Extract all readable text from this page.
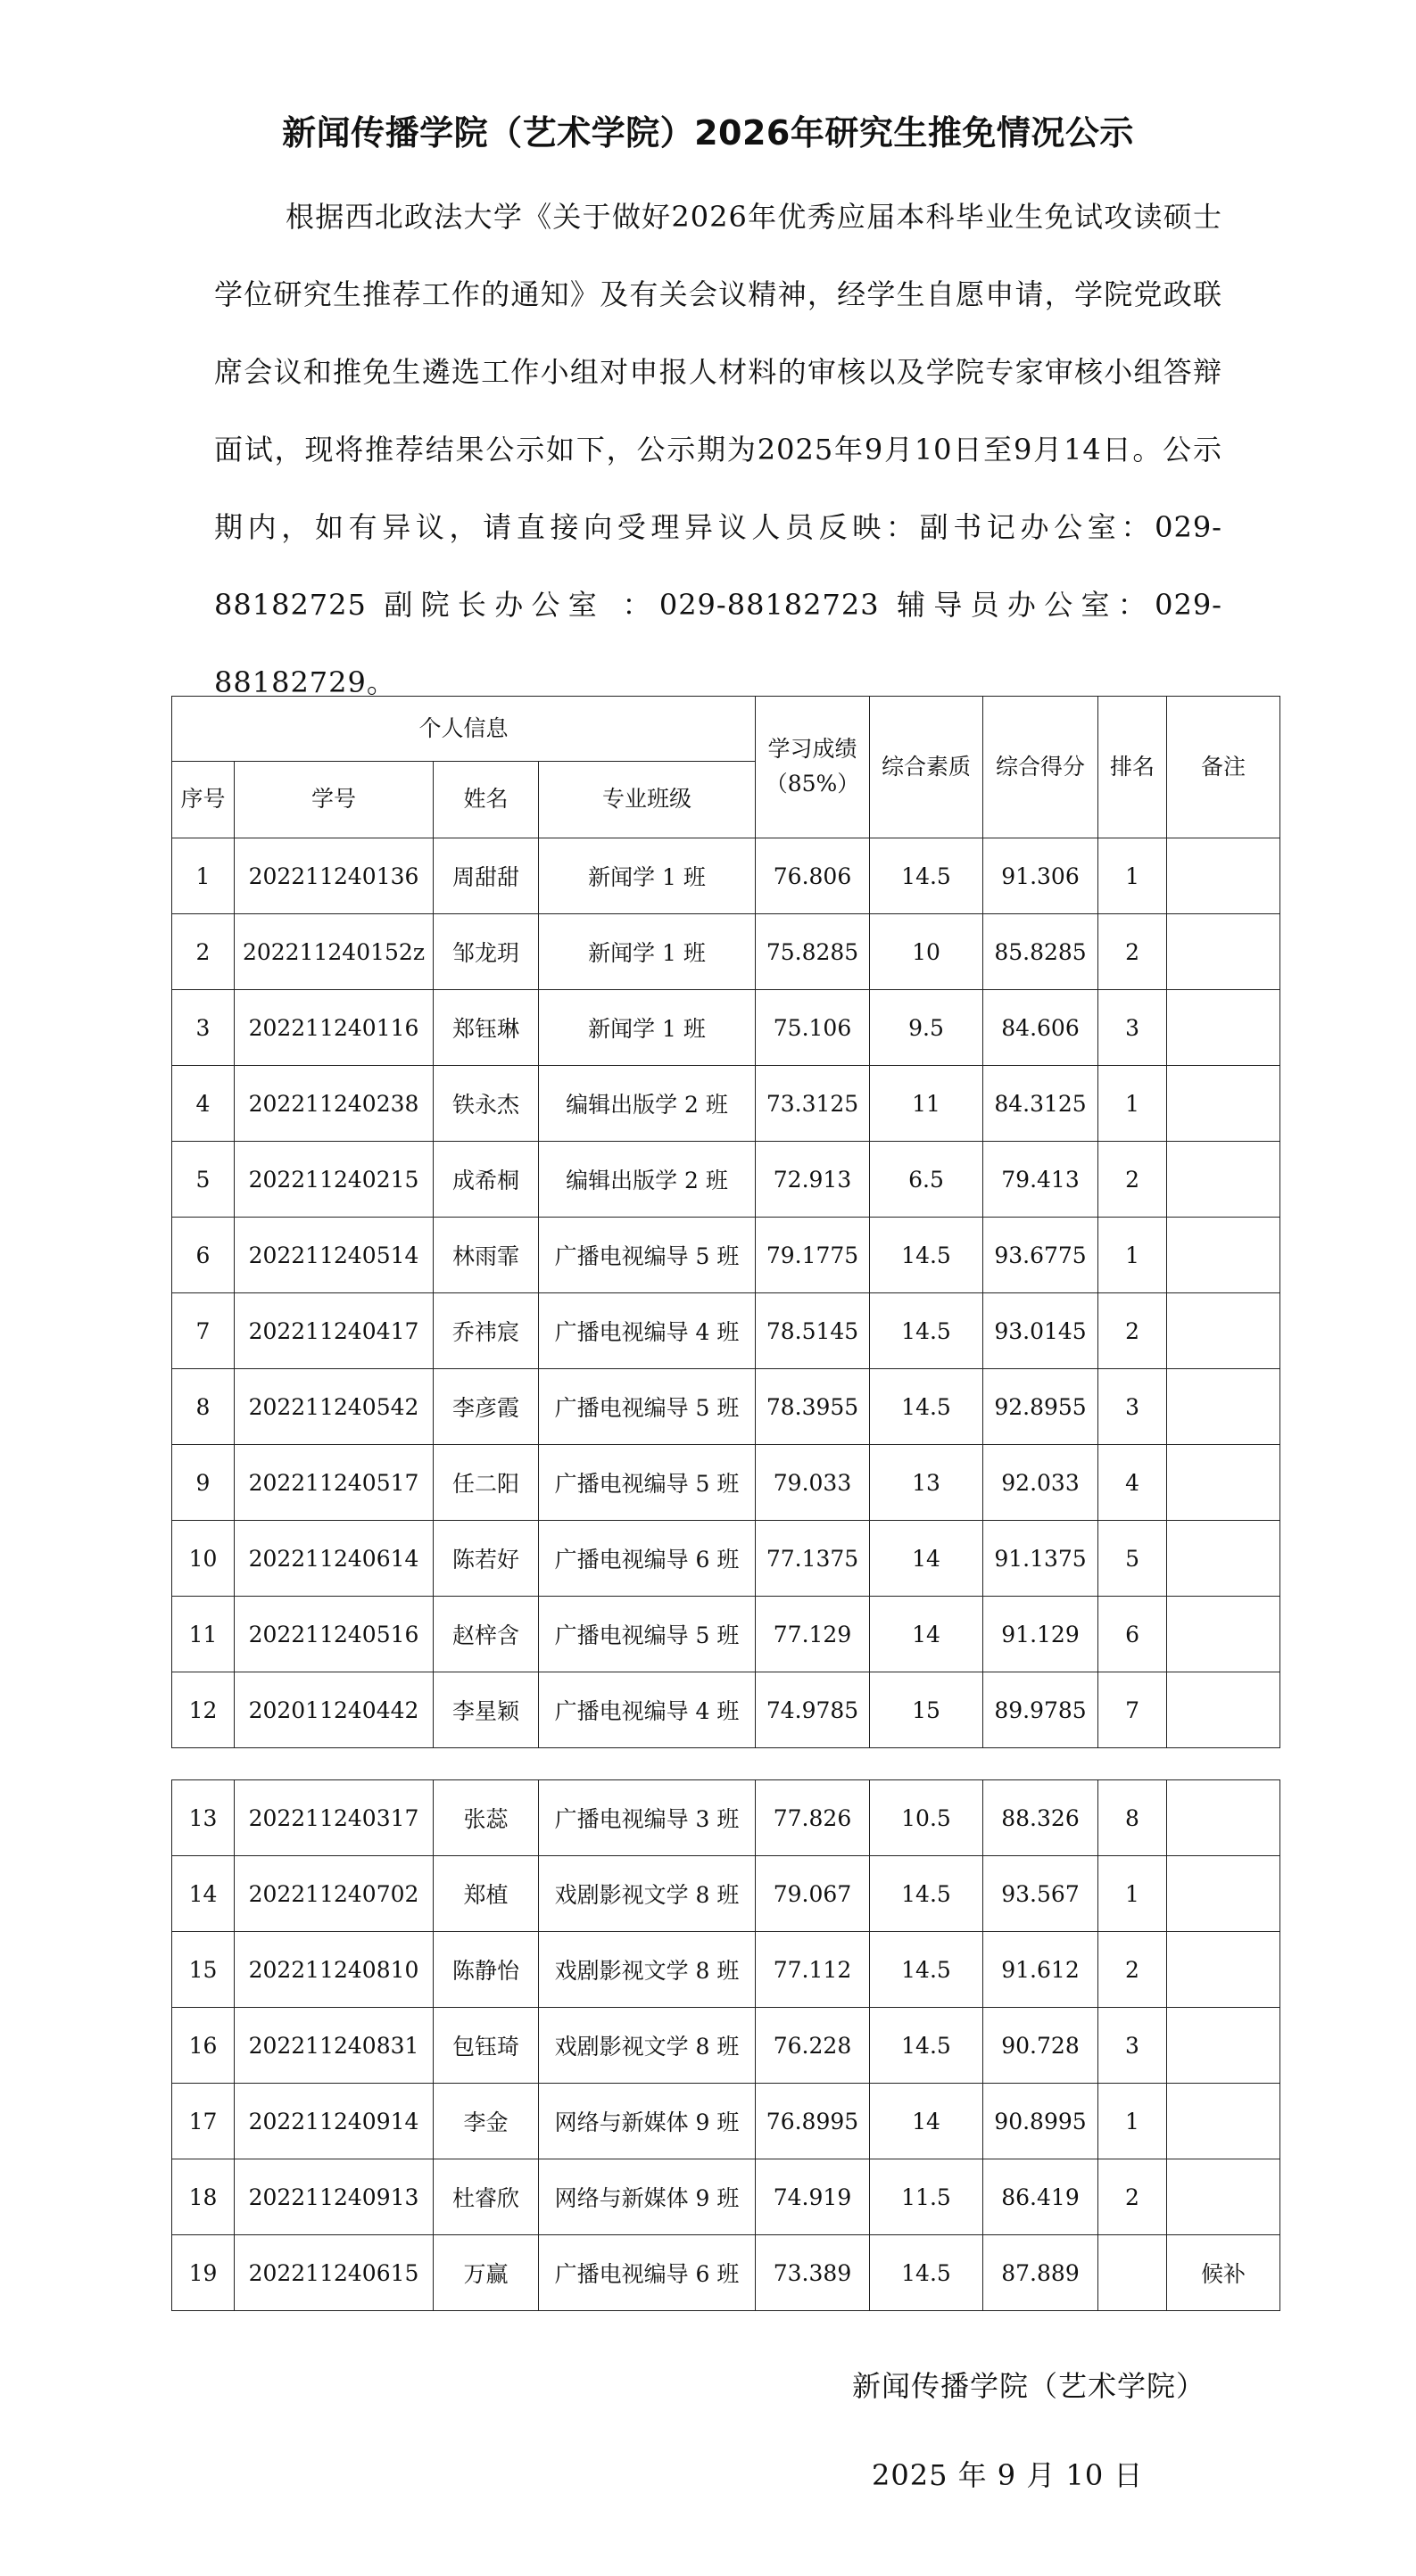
新闻传播学院（艺术学院）2026年研究生推免情况公示

根据西北政法大学《关于做好2026年优秀应届本科毕业生免试攻读硕士学位研究生推荐工作的通知》及有关会议精神，经学生自愿申请，学院党政联席会议和推免生遴选工作小组对申报人材料的审核以及学院专家审核小组答辩面试，现将推荐结果公示如下，公示期为2025年9月10日至9月14日。公示期内，如有异议，请直接向受理异议人员反映：副书记办公室：029-88182725 副院长办公室 ：029-88182723 辅导员办公室：029-88182729。

个人信息				学习成绩（85%）	综合素质	综合得分	排名	备注
序号	学号	姓名	专业班级					
1	202211240136	周甜甜	新闻学 1 班	76.806	14.5	91.306	1	
2	202211240152z	邹龙玥	新闻学 1 班	75.8285	10	85.8285	2	
3	202211240116	郑钰琳	新闻学 1 班	75.106	9.5	84.606	3	
4	202211240238	铁永杰	编辑出版学 2 班	73.3125	11	84.3125	1	
5	202211240215	成希桐	编辑出版学 2 班	72.913	6.5	79.413	2	
6	202211240514	林雨霏	广播电视编导 5 班	79.1775	14.5	93.6775	1	
7	202211240417	乔祎宸	广播电视编导 4 班	78.5145	14.5	93.0145	2	
8	202211240542	李彦霞	广播电视编导 5 班	78.3955	14.5	92.8955	3	
9	202211240517	任二阳	广播电视编导 5 班	79.033	13	92.033	4	
10	202211240614	陈若好	广播电视编导 6 班	77.1375	14	91.1375	5	
11	202211240516	赵梓含	广播电视编导 5 班	77.129	14	91.129	6	
12	202011240442	李星颖	广播电视编导 4 班	74.9785	15	89.9785	7	
13	202211240317	张蕊	广播电视编导 3 班	77.826	10.5	88.326	8	
14	202211240702	郑植	戏剧影视文学 8 班	79.067	14.5	93.567	1	
15	202211240810	陈静怡	戏剧影视文学 8 班	77.112	14.5	91.612	2	
16	202211240831	包钰琦	戏剧影视文学 8 班	76.228	14.5	90.728	3	
17	202211240914	李金	网络与新媒体 9 班	76.8995	14	90.8995	1	
18	202211240913	杜睿欣	网络与新媒体 9 班	74.919	11.5	86.419	2	
19	202211240615	万赢	广播电视编导 6 班	73.389	14.5	87.889		候补

新闻传播学院（艺术学院）

2025 年 9 月 10 日
